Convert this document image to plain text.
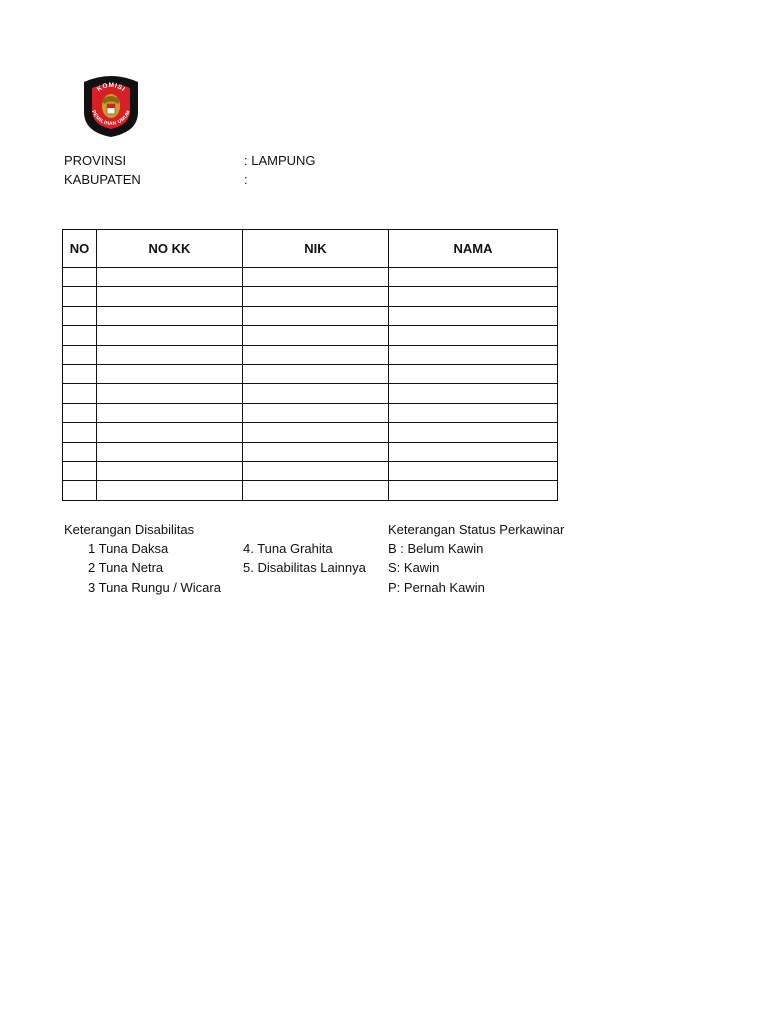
KOMISI
PEMILIHAN UMUM
PROVINSI	: LAMPUNG
KABUPATEN	:
NO	NO KK	NIK	NAMA

Keterangan Disabilitas
1 Tuna Daksa
2 Tuna Netra
3 Tuna Rungu / Wicara
4. Tuna Grahita
5. Disabilitas Lainnya
Keterangan Status Perkawinar
B : Belum Kawin
S: Kawin
P: Pernah Kawin
